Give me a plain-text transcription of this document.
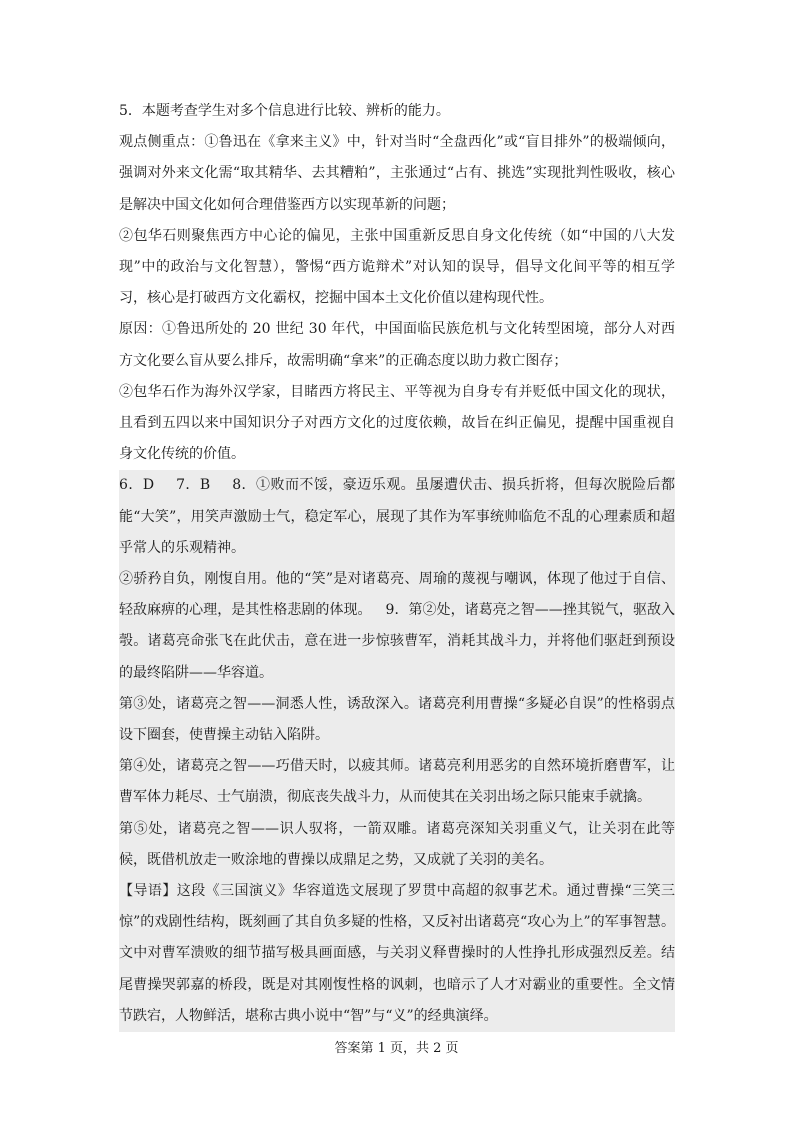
5．本题考查学生对多个信息进行比较、辨析的能力。

观点侧重点：①鲁迅在《拿来主义》中，针对当时“全盘西化”或“盲目排外”的极端倾向，强调对外来文化需“取其精华、去其糟粕”，主张通过“占有、挑选”实现批判性吸收，核心是解决中国文化如何合理借鉴西方以实现革新的问题；

②包华石则聚焦西方中心论的偏见，主张中国重新反思自身文化传统（如“中国的八大发现”中的政治与文化智慧），警惕“西方诡辩术”对认知的误导，倡导文化间平等的相互学习，核心是打破西方文化霸权，挖掘中国本土文化价值以建构现代性。

原因：①鲁迅所处的 20 世纪 30 年代，中国面临民族危机与文化转型困境，部分人对西方文化要么盲从要么排斥，故需明确“拿来”的正确态度以助力救亡图存；

②包华石作为海外汉学家，目睹西方将民主、平等视为自身专有并贬低中国文化的现状，且看到五四以来中国知识分子对西方文化的过度依赖，故旨在纠正偏见，提醒中国重视自身文化传统的价值。

6．D 7．B 8．①败而不馁，豪迈乐观。虽屡遭伏击、损兵折将，但每次脱险后都能“大笑”，用笑声激励士气，稳定军心，展现了其作为军事统帅临危不乱的心理素质和超乎常人的乐观精神。

②骄矜自负，刚愎自用。他的“笑”是对诸葛亮、周瑜的蔑视与嘲讽，体现了他过于自信、轻敌麻痹的心理，是其性格悲剧的体现。 9．第②处，诸葛亮之智——挫其锐气，驱敌入彀。诸葛亮命张飞在此伏击，意在进一步惊骇曹军，消耗其战斗力，并将他们驱赶到预设的最终陷阱——华容道。

第③处，诸葛亮之智——洞悉人性，诱敌深入。诸葛亮利用曹操“多疑必自误”的性格弱点设下圈套，使曹操主动钻入陷阱。

第④处，诸葛亮之智——巧借天时，以疲其师。诸葛亮利用恶劣的自然环境折磨曹军，让曹军体力耗尽、士气崩溃，彻底丧失战斗力，从而使其在关羽出场之际只能束手就擒。

第⑤处，诸葛亮之智——识人驭将，一箭双雕。诸葛亮深知关羽重义气，让关羽在此等候，既借机放走一败涂地的曹操以成鼎足之势，又成就了关羽的美名。

【导语】这段《三国演义》华容道选文展现了罗贯中高超的叙事艺术。通过曹操“三笑三惊”的戏剧性结构，既刻画了其自负多疑的性格，又反衬出诸葛亮“攻心为上”的军事智慧。文中对曹军溃败的细节描写极具画面感，与关羽义释曹操时的人性挣扎形成强烈反差。结尾曹操哭郭嘉的桥段，既是对其刚愎性格的讽刺，也暗示了人才对霸业的重要性。全文情节跌宕，人物鲜活，堪称古典小说中“智”与“义”的经典演绎。

答案第 1 页，共 2 页
